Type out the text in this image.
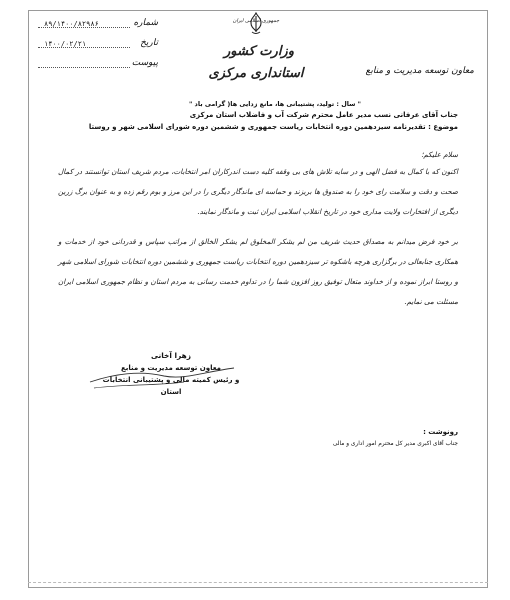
جمهوری اسلامی ایران
وزارت کشور
استانداری مرکزی
شماره
۸۹/۱۴۰۰/۸۲۹۸۶
تاریخ
۱۴۰۰/۰۲/۲۱
پیوست
معاون توسعه مدیریت و منابع
" سال : تولید، پشتیبانی ها، مانع زدایی ها‌( گرامی باد "
جناب آقای عرفانی نسب مدیر عامل محترم شرکت آب و فاضلاب استان مرکزی
موضوع : تقدیرنامه سیزدهمین دوره انتخابات ریاست جمهوری و ششمین دوره شورای اسلامی شهر و روستا
سلام علیکم؛
اکنون که با کمال به فضل الهی و در سایه تلاش های بی وقفه کلیه دست اندرکاران امر انتخابات، مردم شریف استان توانستند در کمال صحت و دقت و سلامت رای خود را به صندوق ها بریزند و حماسه ای ماندگار دیگری را در این مرز و بوم رقم زده و به عنوان برگ زرین دیگری از افتخارات ولایت مداری خود در تاریخ انقلاب اسلامی ایران ثبت و ماندگار نمایند.
بر خود فرض میدانم به مصداق حدیث شریف من لم یشکر المخلوق لم یشکر الخالق از مراتب سپاس و قدردانی خود از خدمات و همکاری جنابعالی در برگزاری هرچه باشکوه تر سیزدهمین دوره انتخابات ریاست جمهوری و ششمین دوره انتخابات شورای اسلامی شهر و روستا ابراز نموده و از خداوند متعال توفیق روز افزون شما را در تداوم خدمت رسانی به مردم استان و نظام جمهوری اسلامی ایران مسئلت می نمایم.
زهرا آخانی
معاون توسعه مدیریت و منابع
و رئیس کمیته مالی و پشتیبانی انتخابات استان
رونوشت :
جناب آقای اکبری مدیر کل محترم امور اداری و مالی
